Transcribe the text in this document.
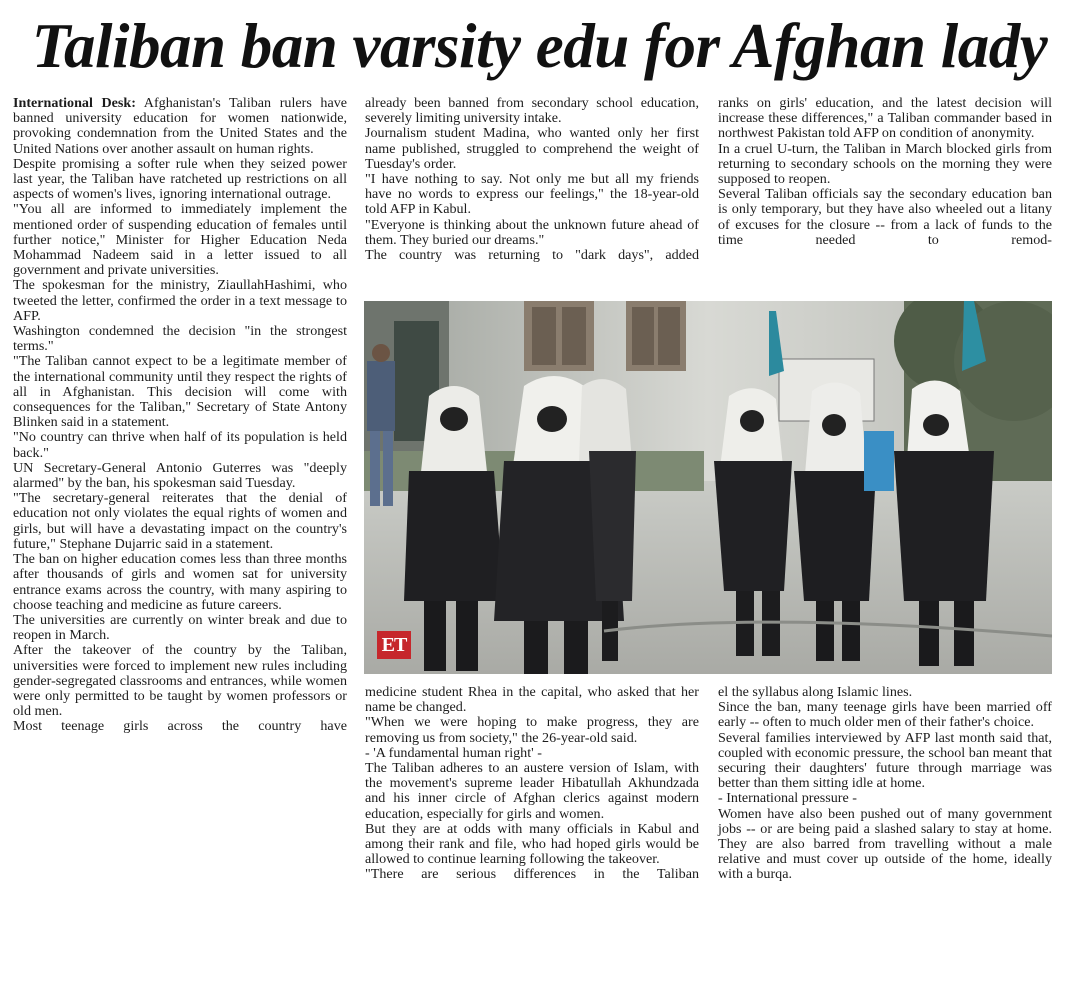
Taliban ban varsity edu for Afghan lady

International Desk: Afghanistan's Taliban rulers have banned university education for women nationwide, provoking condemnation from the United States and the United Nations over another assault on human rights.

Despite promising a softer rule when they seized power last year, the Taliban have ratcheted up restrictions on all aspects of women's lives, ignoring international outrage.

"You all are informed to immediately implement the mentioned order of suspending education of females until further notice," Minister for Higher Education Neda Mohammad Nadeem said in a letter issued to all government and private universities.

The spokesman for the ministry, ZiaullahHashimi, who tweeted the letter, confirmed the order in a text message to AFP.

Washington condemned the decision "in the strongest terms."

"The Taliban cannot expect to be a legitimate member of the international community until they respect the rights of all in Afghanistan. This decision will come with consequences for the Taliban," Secretary of State Antony Blinken said in a statement.

"No country can thrive when half of its population is held back."

UN Secretary-General Antonio Guterres was "deeply alarmed" by the ban, his spokesman said Tuesday.

"The secretary-general reiterates that the denial of education not only violates the equal rights of women and girls, but will have a devastating impact on the country's future," Stephane Dujarric said in a statement.

The ban on higher education comes less than three months after thousands of girls and women sat for university entrance exams across the country, with many aspiring to choose teaching and medicine as future careers.

The universities are currently on winter break and due to reopen in March.

After the takeover of the country by the Taliban, universities were forced to implement new rules including gender-segregated classrooms and entrances, while women were only permitted to be taught by women professors or old men.

Most teenage girls across the country have

already been banned from secondary school education, severely limiting university intake.

Journalism student Madina, who wanted only her first name published, struggled to comprehend the weight of Tuesday's order.

"I have nothing to say. Not only me but all my friends have no words to express our feelings," the 18-year-old told AFP in Kabul.

"Everyone is thinking about the unknown future ahead of them. They buried our dreams."

The country was returning to "dark days", added

ranks on girls' education, and the latest decision will increase these differences," a Taliban commander based in northwest Pakistan told AFP on condition of anonymity.

In a cruel U-turn, the Taliban in March blocked girls from returning to secondary schools on the morning they were supposed to reopen.

Several Taliban officials say the secondary education ban is only temporary, but they have also wheeled out a litany of excuses for the closure -- from a lack of funds to the time needed to remod-

ET

medicine student Rhea in the capital, who asked that her name be changed.

"When we were hoping to make progress, they are removing us from society," the 26-year-old said.

- 'A fundamental human right' -

The Taliban adheres to an austere version of Islam, with the movement's supreme leader Hibatullah Akhundzada and his inner circle of Afghan clerics against modern education, especially for girls and women.

But they are at odds with many officials in Kabul and among their rank and file, who had hoped girls would be allowed to continue learning following the takeover.

"There are serious differences in the Taliban

el the syllabus along Islamic lines.

Since the ban, many teenage girls have been married off early -- often to much older men of their father's choice.

Several families interviewed by AFP last month said that, coupled with economic pressure, the school ban meant that securing their daughters' future through marriage was better than them sitting idle at home.

- International pressure -

Women have also been pushed out of many government jobs -- or are being paid a slashed salary to stay at home. They are also barred from travelling without a male relative and must cover up outside of the home, ideally with a burqa.
